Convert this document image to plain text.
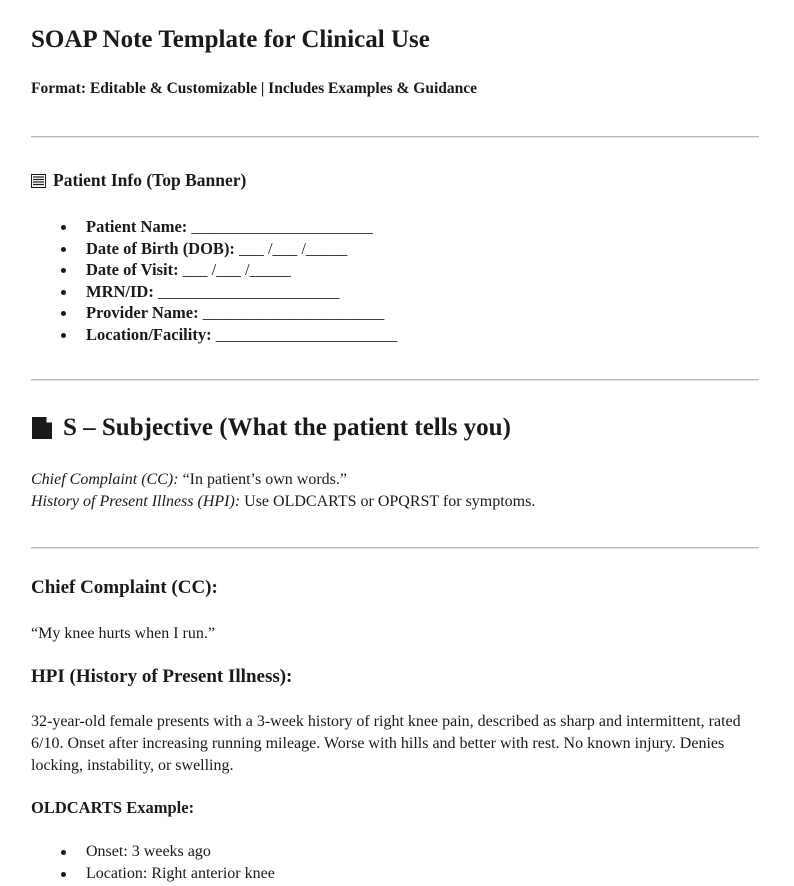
SOAP Note Template for Clinical Use
Format: Editable & Customizable | Includes Examples & Guidance
Patient Info (Top Banner)
Patient Name: ______________________
Date of Birth (DOB): ___ /___ /_____
Date of Visit: ___ /___ /_____
MRN/ID: ______________________
Provider Name: ______________________
Location/Facility: ______________________
S – Subjective (What the patient tells you)
Chief Complaint (CC): “In patient’s own words.”
History of Present Illness (HPI): Use OLDCARTS or OPQRST for symptoms.
Chief Complaint (CC):
“My knee hurts when I run.”
HPI (History of Present Illness):
32-year-old female presents with a 3-week history of right knee pain, described as sharp and intermittent, rated 6/10. Onset after increasing running mileage. Worse with hills and better with rest. No known injury. Denies locking, instability, or swelling.
OLDCARTS Example:
Onset: 3 weeks ago
Location: Right anterior knee
